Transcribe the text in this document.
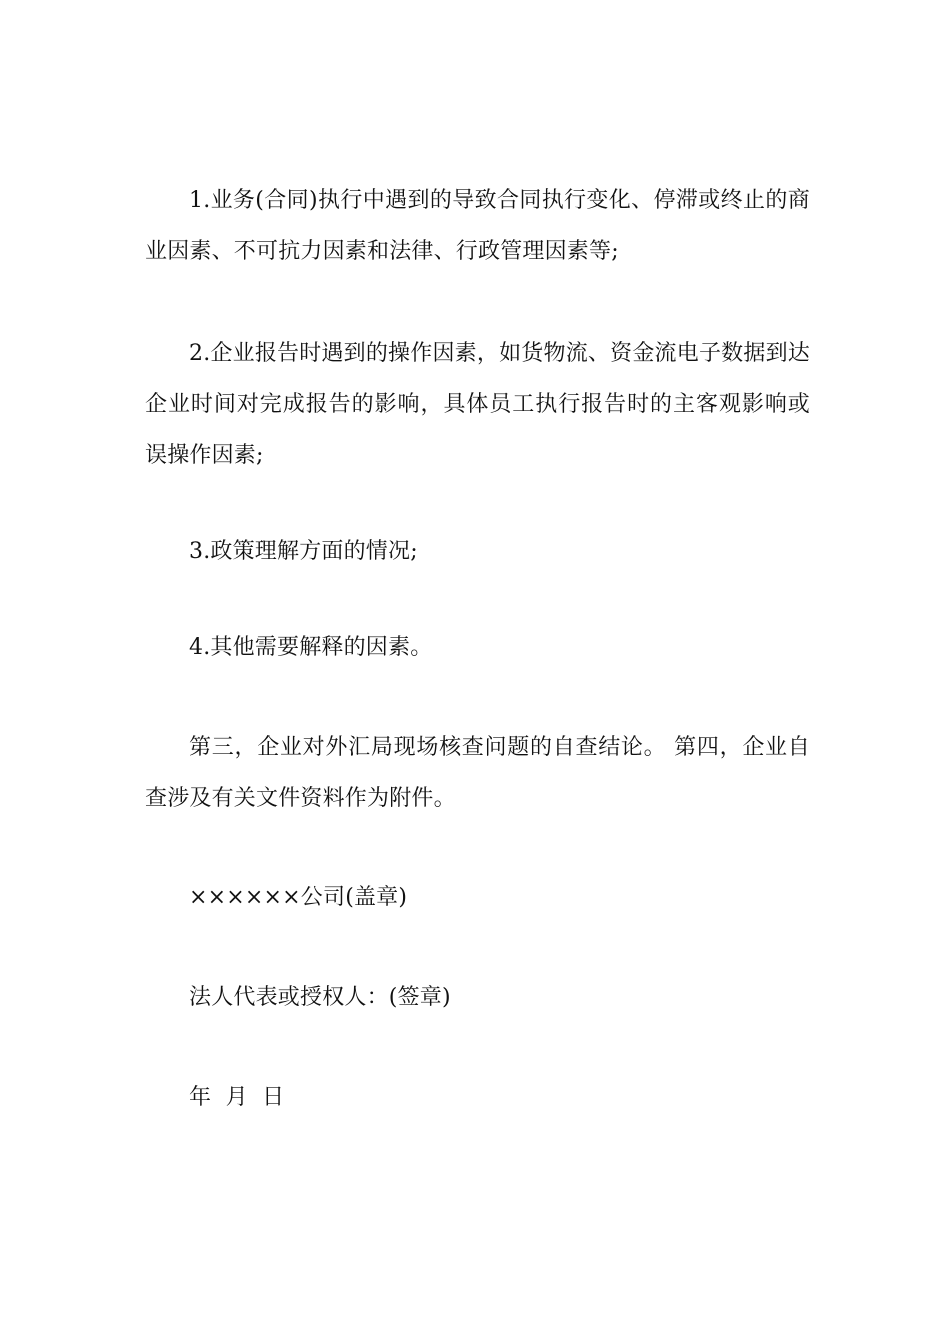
1.业务(合同)执行中遇到的导致合同执行变化、停滞或终止的商业因素、不可抗力因素和法律、行政管理因素等;

2.企业报告时遇到的操作因素，如货物流、资金流电子数据到达企业时间对完成报告的影响，具体员工执行报告时的主客观影响或误操作因素;

3.政策理解方面的情况;

4.其他需要解释的因素。

第三，企业对外汇局现场核查问题的自查结论。 第四，企业自查涉及有关文件资料作为附件。

××××××公司(盖章)

法人代表或授权人：(签章)

年  月  日
